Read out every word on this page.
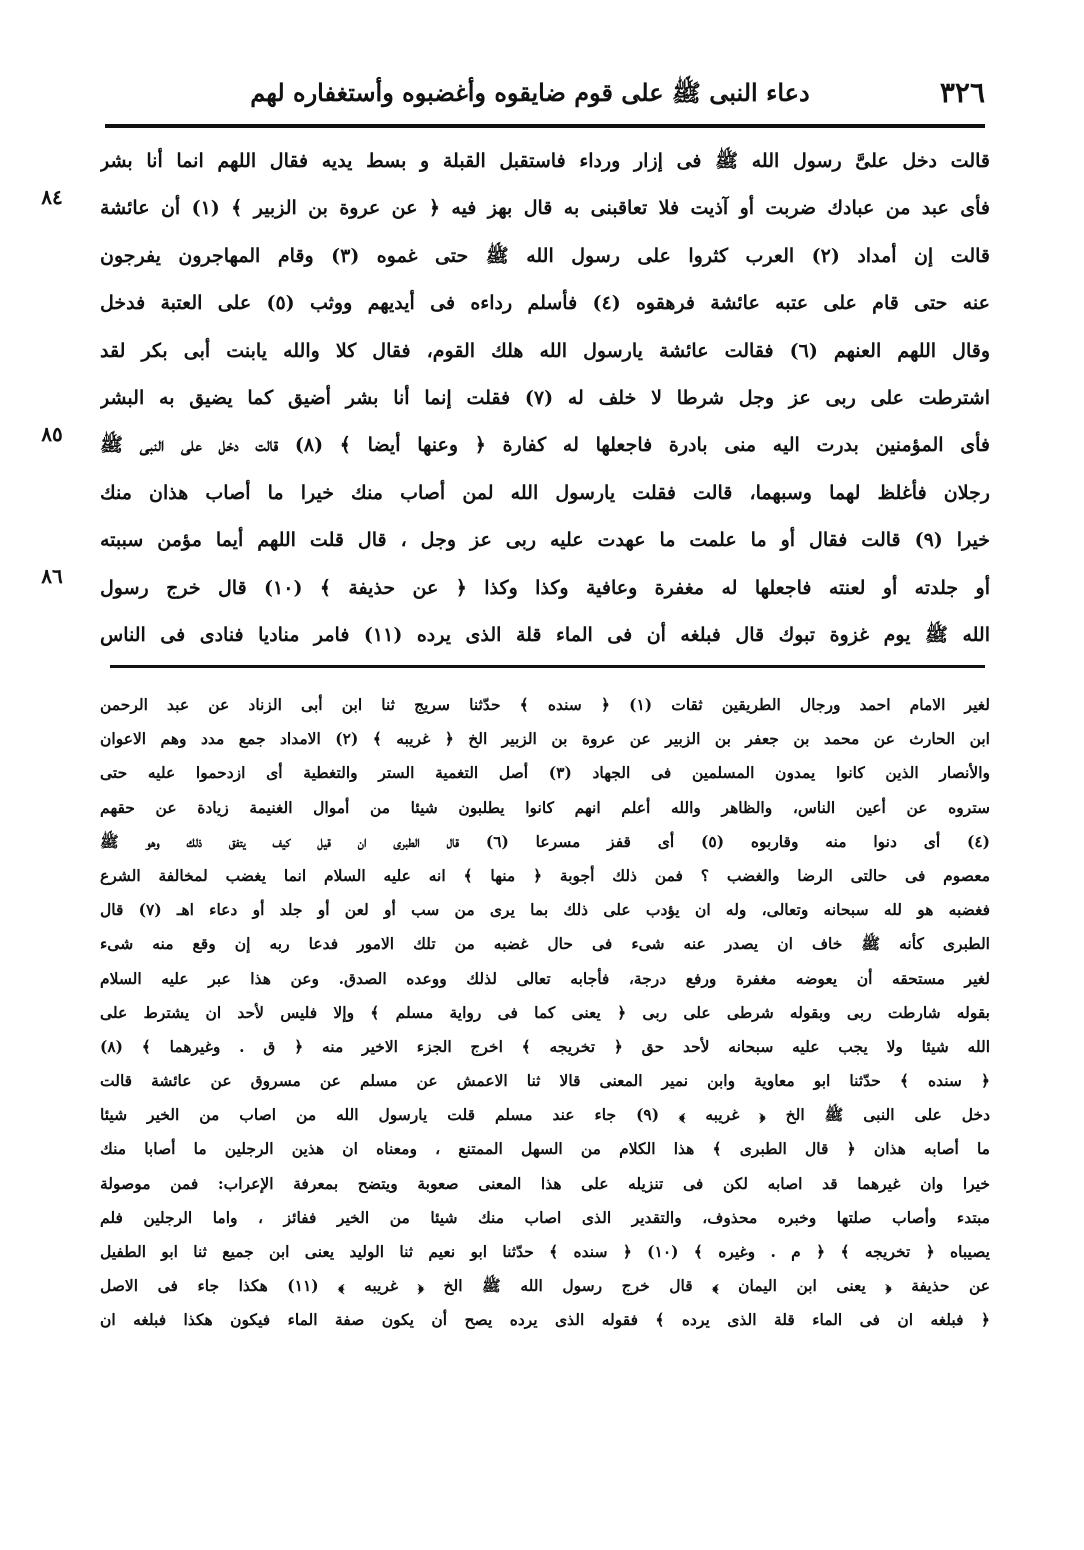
٣٢٦
دعاء النبى ﷺ على قوم ضايقوه وأغضبوه وأستغفاره لهم
٨٤
٨٥
٨٦
قالت دخل علىَّ رسول الله ﷺ فى إزار ورداء فاستقبل القبلة و بسط يديه فقال اللهم انما أنا بشر
فأى عبد من عبادك ضربت أو آذيت فلا تعاقبنى به قال بهز فيه ﴿ عن عروة بن الزبير ﴾ (١) أن عائشة
قالت إن أمداد (٢) العرب كثروا على رسول الله ﷺ حتى غموه (٣) وقام المهاجرون يفرجون
عنه حتى قام على عتبه عائشة فرهقوه (٤) فأسلم رداءه فى أيديهم ووثب (٥) على العتبة فدخل
وقال اللهم العنهم (٦) فقالت عائشة يارسول الله هلك القوم، فقال كلا والله يابنت أبى بكر لقد
اشترطت على ربى عز وجل شرطا لا خلف له (٧) فقلت إنما أنا بشر أضيق كما يضيق به البشر
فأى المؤمنين بدرت اليه منى بادرة فاجعلها له كفارة ﴿ وعنها أيضا ﴾ (٨) قالت دخل على النبى ﷺ
رجلان فأغلظ لهما وسبهما، قالت فقلت يارسول الله لمن أصاب منك خيرا ما أصاب هذان منك
خيرا (٩) قالت فقال أو ما علمت ما عهدت عليه ربى عز وجل ، قال قلت اللهم أيما مؤمن سببته
أو جلدته أو لعنته فاجعلها له مغفرة وعافية وكذا وكذا ﴿ عن حذيفة ﴾ (١٠) قال خرج رسول
الله ﷺ يوم غزوة تبوك قال فبلغه أن فى الماء قلة الذى يرده (١١) فامر مناديا فنادى فى الناس
لغير الامام احمد ورجال الطريقين ثقات (١) ﴿ سنده ﴾ حدّثنا سريج ثنا ابن أبى الزناد عن عبد الرحمن
ابن الحارث عن محمد بن جعفر بن الزبير عن عروة بن الزبير الخ ﴿ غريبه ﴾ (٢) الامداد جمع مدد وهم الاعوان
والأنصار الذين كانوا يمدون المسلمين فى الجهاد (٣) أصل التغمية الستر والتغطية أى ازدحموا عليه حتى
ستروه عن أعين الناس، والظاهر والله أعلم انهم كانوا يطلبون شيئا من أموال الغنيمة زيادة عن حقهم
(٤) أى دنوا منه وقاربوه (٥) أى قفز مسرعا (٦) قال الطبرى ان قيل كيف يتفق ذلك وهو ﷺ
معصوم فى حالتى الرضا والغضب ؟ فمن ذلك أجوبة ﴿ منها ﴾ انه عليه السلام انما يغضب لمخالفة الشرع
فغضبه هو لله سبحانه وتعالى، وله ان يؤدب على ذلك بما يرى من سب أو لعن أو جلد أو دعاء اهـ (٧) قال
الطبرى كأنه ﷺ خاف ان يصدر عنه شىء فى حال غضبه من تلك الامور فدعا ربه إن وقع منه شىء
لغير مستحقه أن يعوضه مغفرة ورفع درجة، فأجابه تعالى لذلك ووعده الصدق. وعن هذا عبر عليه السلام
بقوله شارطت ربى وبقوله شرطى على ربى ﴿ يعنى كما فى رواية مسلم ﴾ وإلا فليس لأحد ان يشترط على
الله شيئا ولا يجب عليه سبحانه لأحد حق ﴿ تخريجه ﴾ اخرج الجزء الاخير منه ﴿ ق . وغيرهما ﴾ (٨)
﴿ سنده ﴾ حدّثنا ابو معاوية وابن نمير المعنى قالا ثنا الاعمش عن مسلم عن مسروق عن عائشة قالت
دخل على النبى ﷺ الخ ﴿ غريبه ﴾ (٩) جاء عند مسلم قلت يارسول الله من اصاب من الخير شيئا
ما أصابه هذان ﴿ قال الطبرى ﴾ هذا الكلام من السهل الممتنع ، ومعناه ان هذين الرجلين ما أصابا منك
خيرا وان غيرهما قد اصابه لكن فى تنزيله على هذا المعنى صعوبة ويتضح بمعرفة الإعراب: فمن موصولة
مبتدء وأصاب صلتها وخبره محذوف، والتقدير الذى اصاب منك شيئا من الخير ففائز ، واما الرجلين فلم
يصيباه ﴿ تخريجه ﴾ ﴿ م . وغيره ﴾ (١٠) ﴿ سنده ﴾ حدّثنا ابو نعيم ثنا الوليد يعنى ابن جميع ثنا ابو الطفيل
عن حذيفة ﴿ يعنى ابن اليمان ﴾ قال خرج رسول الله ﷺ الخ ﴿ غريبه ﴾ (١١) هكذا جاء فى الاصل
﴿ فبلغه ان فى الماء قلة الذى يرده ﴾ فقوله الذى يرده يصح أن يكون صفة الماء فيكون هكذا فبلغه ان
